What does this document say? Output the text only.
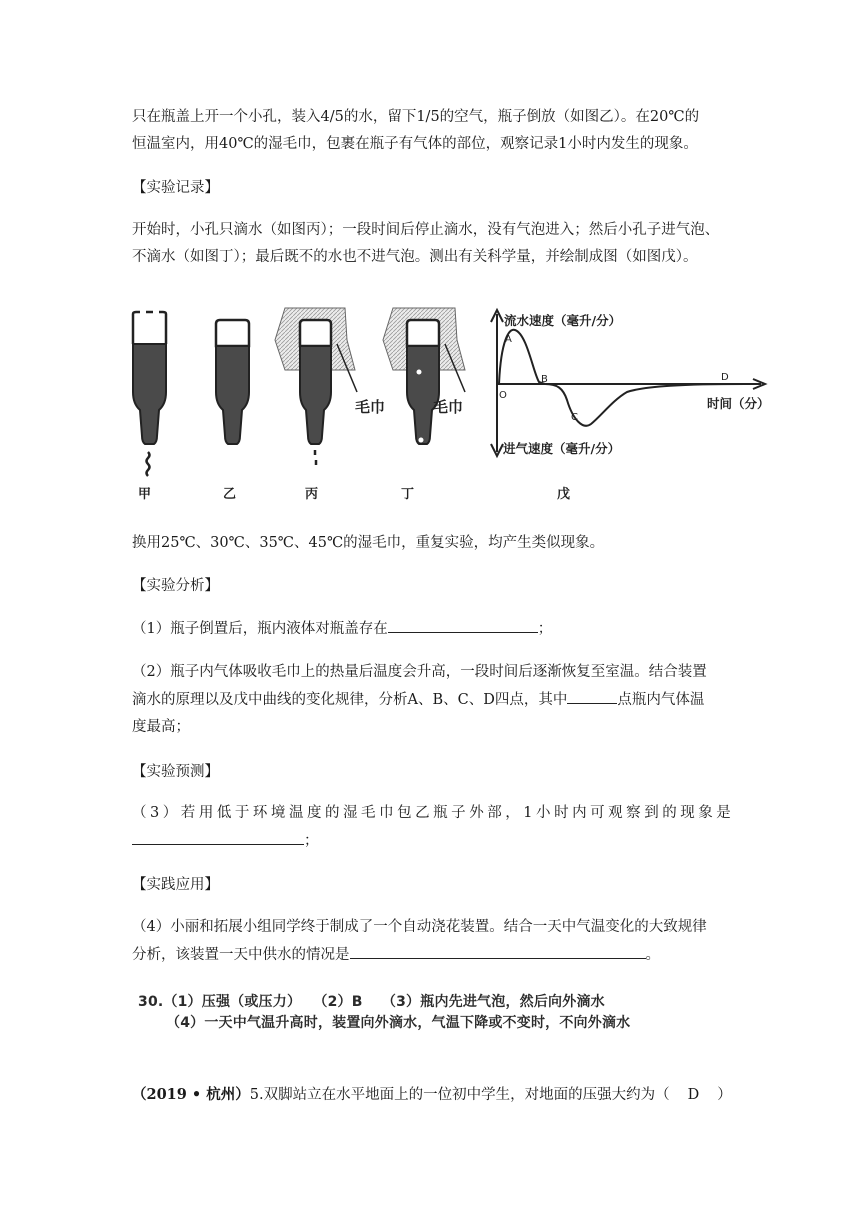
只在瓶盖上开一个小孔，装入4/5的水，留下1/5的空气，瓶子倒放（如图乙）。在20℃的

恒温室内，用40℃的湿毛巾，包裹在瓶子有气体的部位，观察记录1小时内发生的现象。

【实验记录】

开始时，小孔只滴水（如图丙）；一段时间后停止滴水，没有气泡进入；然后小孔子进气泡、

不滴水（如图丁）；最后既不的水也不进气泡。测出有关科学量，并绘制成图（如图戊）。

毛巾	毛巾
流水速度（毫升/分）
进气速度（毫升/分）
时间（分）
O
A
B
C
D
甲	乙	丙	丁	戊

换用25℃、30℃、35℃、45℃的湿毛巾，重复实验，均产生类似现象。

【实验分析】

（1）瓶子倒置后，瓶内液体对瓶盖存在	；

（2）瓶子内气体吸收毛巾上的热量后温度会升高，一段时间后逐渐恢复至室温。结合装置

滴水的原理以及戊中曲线的变化规律，分析A、B、C、D四点，其中	点瓶内气体温

度最高；

【实验预测】

（3）若用低于环境温度的湿毛巾包乙瓶子外部，1小时内可观察到的现象是

；

【实践应用】

（4）小丽和拓展小组同学终于制成了一个自动浇花装置。结合一天中气温变化的大致规律

分析，该装置一天中供水的情况是	。

30.（1）压强（或压力）　 （2）B　 （3）瓶内先进气泡，然后向外滴水
（4）一天中气温升高时，装置向外滴水，气温下降或不变时，不向外滴水

（2019 • 杭州）5.双脚站立在水平地面上的一位初中学生，对地面的压强大约为（ D ）
